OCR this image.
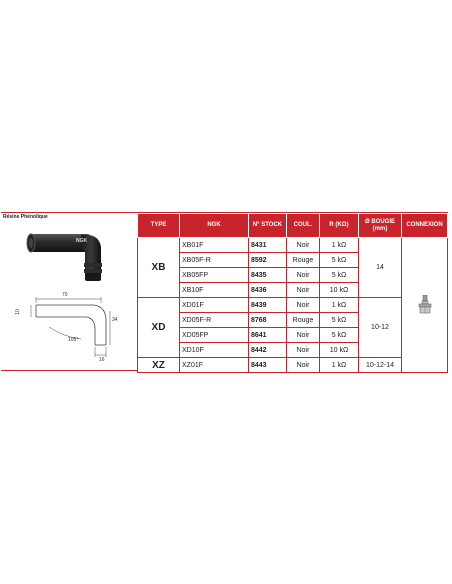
Résine Phénolique
NGK
70
10
34
105°
16
TYPE	NGK	N° STOCK	COUL.	R (KΩ)	Ø BOUGIE (mm)	CONNEXION
XB	XB01F	8431	Noir	1 kΩ	14	

	XB05F-R	8592	Rouge	5 kΩ		
	XB05FP	8435	Noir	5 kΩ		
	XB10F	8436	Noir	10 kΩ		
XD	XD01F	8439	Noir	1 kΩ	10-12	
	XD05F-R	8768	Rouge	5 kΩ		
	XD05FP	8641	Noir	5 kΩ		
	XD10F	8442	Noir	10 kΩ		
XZ	XZ01F	8443	Noir	1 kΩ	10-12-14	
